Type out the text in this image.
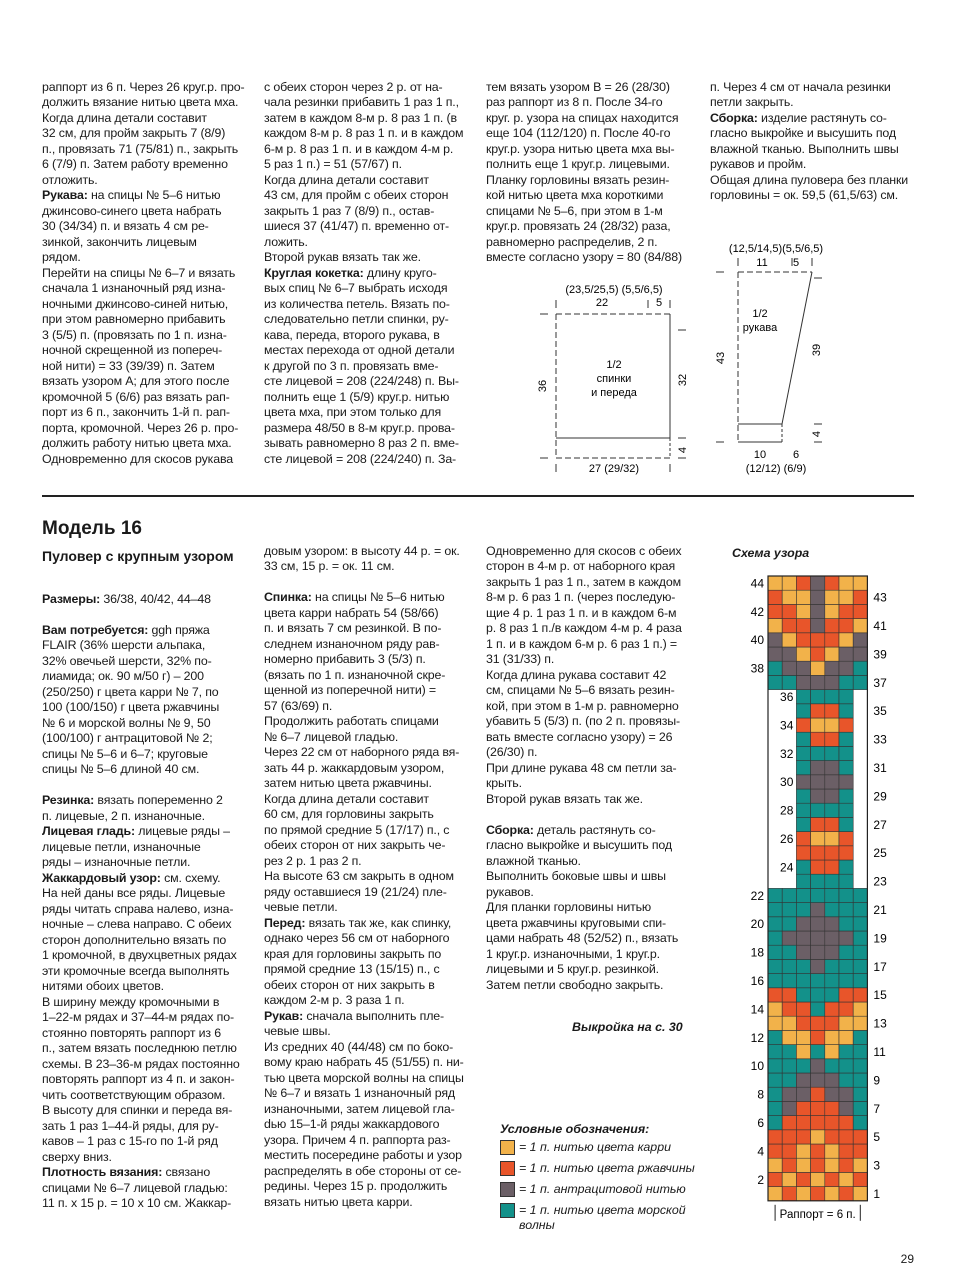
раппорт из 6 п. Через 26 круг.р. про-
должить вязание нитью цвета мха.
Когда длина детали составит
32 см, для пройм закрыть 7 (8/9)
п., провязать 71 (75/81) п., закрыть
6 (7/9) п. Затем работу временно
отложить.
Рукава: на спицы № 5–6 нитью
джинсово-синего цвета набрать
30 (34/34) п. и вязать 4 см ре-
зинкой, закончить лицевым
рядом.
Перейти на спицы № 6–7 и вязать
сначала 1 изнаночный ряд изна-
ночными джинсово-синей нитью,
при этом равномерно прибавить
3 (5/5) п. (провязать по 1 п. изна-
ночной скрещенной из попереч-
ной нити) = 33 (39/39) п. Затем
вязать узором А; для этого после
кромочной 5 (6/6) раз вязать рап-
порт из 6 п., закончить 1-й п. рап-
порта, кромочной. Через 26 р. про-
должить работу нитью цвета мха.
Одновременно для скосов рукава

с обеих сторон через 2 р. от на-
чала резинки прибавить 1 раз 1 п.,
затем в каждом 8-м р. 8 раз 1 п. (в
каждом 8-м р. 8 раз 1 п. и в каждом
6-м р. 8 раз 1 п. и в каждом 4-м р.
5 раз 1 п.) = 51 (57/67) п.
Когда длина детали составит
43 см, для пройм с обеих сторон
закрыть 1 раз 7 (8/9) п., остав-
шиеся 37 (41/47) п. временно от-
ложить.
Второй рукав вязать так же.
Круглая кокетка: длину круго-
вых спиц № 6–7 выбрать исходя
из количества петель. Вязать по-
следовательно петли спинки, ру-
кава, переда, второго рукава, в
местах перехода от одной детали
к другой по 3 п. провязать вме-
сте лицевой = 208 (224/248) п. Вы-
полнить еще 1 (5/9) круг.р. нитью
цвета мха, при этом только для
размера 48/50 в 8-м круг.р. прова-
зывать равномерно 8 раз 2 п. вме-
сте лицевой = 208 (224/240) п. За-

тем вязать узором В = 26 (28/30)
раз раппорт из 8 п. После 34-го
круг. р. узора на спицах находится
еще 104 (112/120) п. После 40-го
круг.р. узора нитью цвета мха вы-
полнить еще 1 круг.р. лицевыми.
Планку горловины вязать резин-
кой нитью цвета мха короткими
спицами № 5–6, при этом в 1-м
круг.р. провязать 24 (28/32) раза,
равномерно распределив, 2 п.
вместе согласно узору = 80 (84/88)

п. Через 4 см от начала резинки
петли закрыть.
Сборка: изделие растянуть со-
гласно выкройке и высушить под
влажной тканью. Выполнить швы
рукавов и пройм.
Общая длина пуловера без планки
горловины = ок. 59,5 (61,5/63) см.

(23,5/25,5) (5,5/6,5)
22	5
1/2
спинки
и переда
36	32
4
27 (29/32)
(12,5/14,5)(5,5/6,5)
11 5
1/2
рукава
43
39
4
10 6
(12/12) (6/9)
Модель 16
Пуловер с крупным узором

Размеры: 36/38, 40/42, 44–48

Вам потребуется: ggh пряжа
FLAIR (36% шерсти альпака,
32% овечьей шерсти, 32% по-
лиамида; ок. 90 м/50 г) – 200
(250/250) г цвета карри № 7, по
100 (100/150) г цвета ржавчины
№ 6 и морской волны № 9, 50
(100/100) г антрацитовой № 2;
спицы № 5–6 и 6–7; круговые
спицы № 5–6 длиной 40 см.

Резинка: вязать попеременно 2
п. лицевые, 2 п. изнаночные.
Лицевая гладь: лицевые ряды –
лицевые петли, изнаночные
ряды – изнаночные петли.
Жаккардовый узор: см. схему.
На ней даны все ряды. Лицевые
ряды читать справа налево, изна-
ночные – слева направо. С обеих
сторон дополнительно вязать по
1 кромочной, в двухцветных рядах
эти кромочные всегда выполнять
нитями обоих цветов.
В ширину между кромочными в
1–22-м рядах и 37–44-м рядах по-
стоянно повторять раппорт из 6
п., затем вязать последнюю петлю
схемы. В 23–36-м рядах постоянно
повторять раппорт из 4 п. и закон-
чить соответствующим образом.
В высоту для спинки и переда вя-
зать 1 раз 1–44-й ряды, для ру-
кавов – 1 раз с 15-го по 1-й ряд
сверху вниз.
Плотность вязания: связано
спицами № 6–7 лицевой гладью:
11 п. х 15 р. = 10 х 10 см. Жаккар-

довым узором: в высоту 44 р. = ок.
33 см, 15 р. = ок. 11 см.

Спинка: на спицы № 5–6 нитью
цвета карри набрать 54 (58/66)
п. и вязать 7 см резинкой. В по-
следнем изнаночном ряду рав-
номерно прибавить 3 (5/3) п.
(вязать по 1 п. изнаночной скре-
щенной из поперечной нити) =
57 (63/69) п.
Продолжить работать спицами
№ 6–7 лицевой гладью.
Через 22 см от наборного ряда вя-
зать 44 р. жаккардовым узором,
затем нитью цвета ржавчины.
Когда длина детали составит
60 см, для горловины закрыть
по прямой средние 5 (17/17) п., с
обеих сторон от них закрыть че-
рез 2 р. 1 раз 2 п.
На высоте 63 см закрыть в одном
ряду оставшиеся 19 (21/24) пле-
чевые петли.
Перед: вязать так же, как спинку,
однако через 56 см от наборного
края для горловины закрыть по
прямой средние 13 (15/15) п., с
обеих сторон от них закрыть в
каждом 2-м р. 3 раза 1 п.
Рукав: сначала выполнить пле-
чевые швы.
Из средних 40 (44/48) см по боко-
вому краю набрать 45 (51/55) п. ни-
тью цвета морской волны на спицы
№ 6–7 и вязать 1 изнаночный ряд
изнаночными, затем лицевой гла-
dью 15–1-й ряды жаккардового
узора. Причем 4 п. раппорта раз-
местить посередине работы и узор
распределять в обе стороны от се-
редины. Через 15 р. продолжить
вязать нитью цвета карри.

Одновременно для скосов с обеих
сторон в 4-м р. от наборного края
закрыть 1 раз 1 п., затем в каждом
8-м р. 6 раз 1 п. (через последую-
щие 4 р. 1 раз 1 п. и в каждом 6-м
р. 8 раз 1 п./в каждом 4-м р. 4 раза
1 п. и в каждом 6-м р. 6 раз 1 п.) =
31 (31/33) п.
Когда длина рукава составит 42
см, спицами № 5–6 вязать резин-
кой, при этом в 1-м р. равномерно
убавить 5 (5/3) п. (по 2 п. провязы-
вать вместе согласно узору) = 26
(26/30) п.
При длине рукава 48 см петли за-
крыть.
Второй рукав вязать так же.

Сборка: деталь растянуть со-
гласно выкройке и высушить под
влажной тканью.
Выполнить боковые швы и швы
рукавов.
Для планки горловины нитью
цвета ржавчины круговыми спи-
цами набрать 48 (52/52) п., вязать
1 круг.р. изнаночными, 1 круг.р.
лицевыми и 5 круг.р. резинкой.
Затем петли свободно закрыть.

Выкройка на с. 30
Условные обозначения:
= 1 п. нитью цвета карри
= 1 п. нитью цвета ржавчины
= 1 п. антрацитовой нитью
= 1 п. нитью цвета морской
волны
Схема узора
44
42
40
38
36
34
32
30
28
26
24
22
20
18
16
14
12
10
8
6
4
2
43
41
39
37
35
33
31
29
27
25
23
21
19
17
15
13
11
9
7
5
3
1
Раппорт = 6 п.
29
